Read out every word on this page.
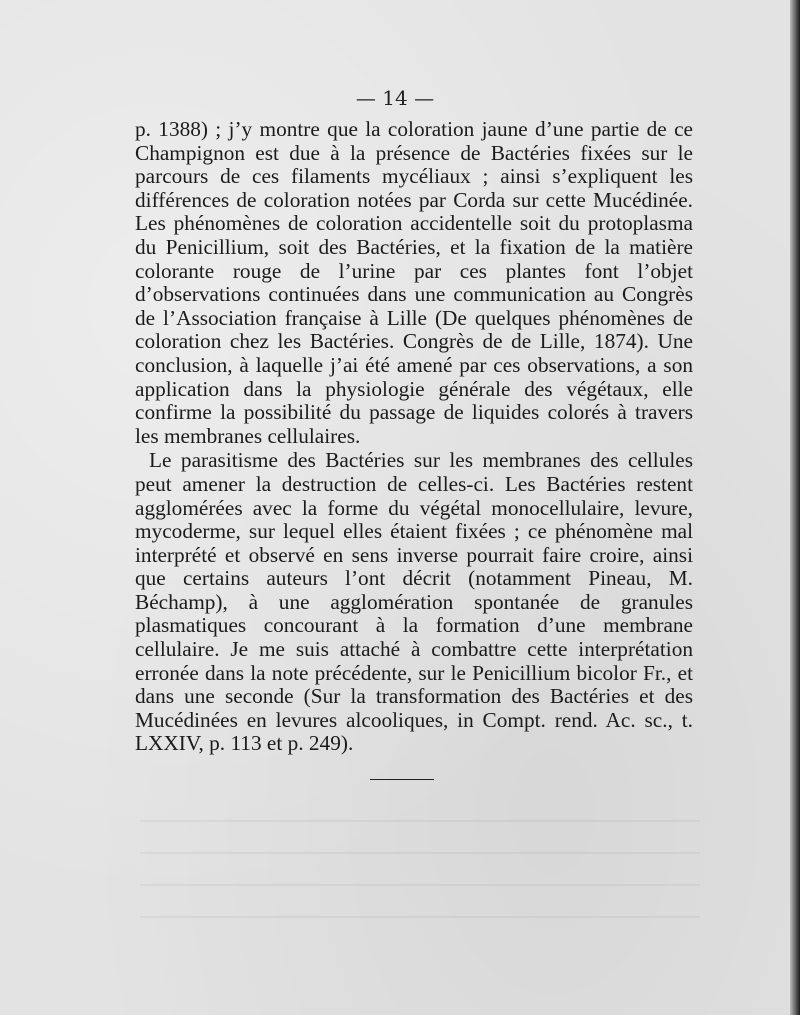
— 14 —

p. 1388) ; j’y montre que la coloration jaune d’une partie de ce Champignon est due à la présence de Bactéries fixées sur le parcours de ces filaments mycéliaux ; ainsi s’expliquent les différences de coloration notées par Corda sur cette Mucédinée. Les phénomènes de coloration accidentelle soit du protoplasma du Penicillium, soit des Bactéries, et la fixation de la matière colorante rouge de l’urine par ces plantes font l’objet d’observations continuées dans une communication au Congrès de l’Association française à Lille (De quelques phénomènes de coloration chez les Bactéries. Congrès de de Lille, 1874). Une conclusion, à laquelle j’ai été amené par ces observations, a son application dans la physiologie générale des végétaux, elle confirme la possibilité du passage de liquides colorés à travers les membranes cellulaires.

Le parasitisme des Bactéries sur les membranes des cellules peut amener la destruction de celles-ci. Les Bactéries restent agglomérées avec la forme du végétal monocellulaire, levure, mycoderme, sur lequel elles étaient fixées ; ce phénomène mal interprété et observé en sens inverse pourrait faire croire, ainsi que certains auteurs l’ont décrit (notamment Pineau, M. Béchamp), à une agglomération spontanée de granules plasmatiques concourant à la formation d’une membrane cellulaire. Je me suis attaché à combattre cette interprétation erronée dans la note précédente, sur le Penicillium bicolor Fr., et dans une seconde (Sur la transformation des Bactéries et des Mucédinées en levures alcooliques, in Compt. rend. Ac. sc., t. LXXIV, p. 113 et p. 249).
